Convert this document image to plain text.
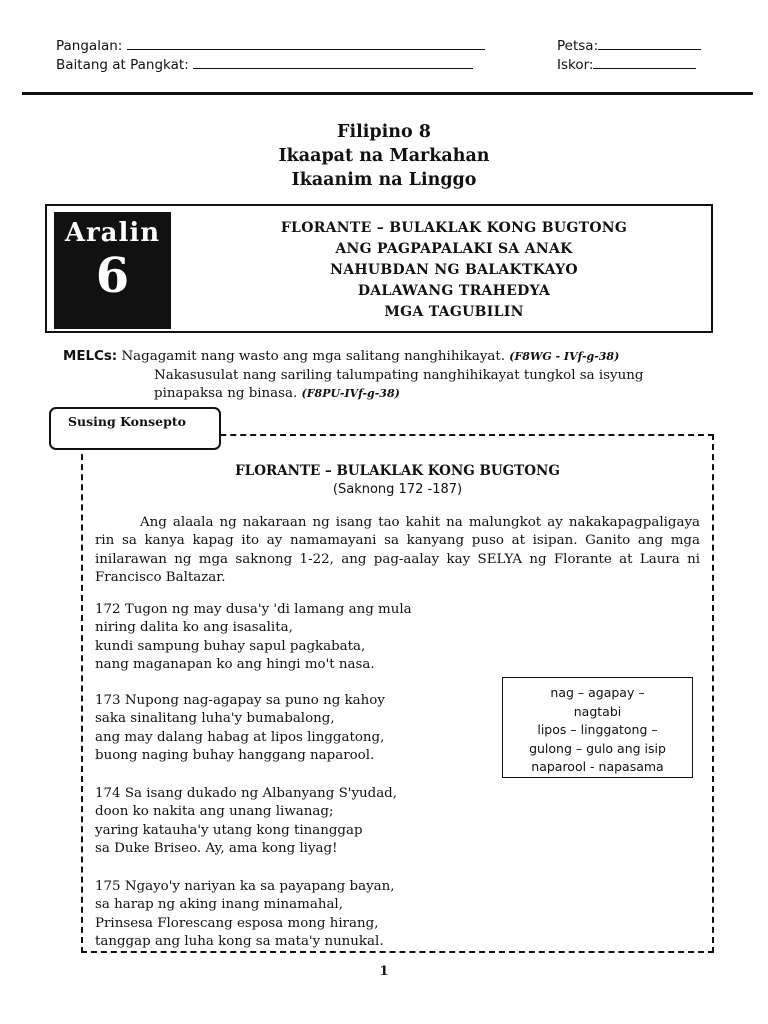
Pangalan:
Baitang at Pangkat:
Petsa:
Iskor:
Filipino 8
Ikaapat na Markahan
Ikaanim na Linggo
Aralin
6
FLORANTE – BULAKLAK KONG BUGTONG
ANG PAGPAPALAKI SA ANAK
NAHUBDAN NG BALAKTKAYO
DALAWANG TRAHEDYA
MGA TAGUBILIN
MELCs: Nagagamit nang wasto ang mga salitang nanghihikayat. (F8WG - IVf-g-38)
Nakasusulat nang sariling talumpating nanghihikayat tungkol sa isyung
pinapaksa ng binasa. (F8PU-IVf-g-38)
Susing Konsepto
FLORANTE – BULAKLAK KONG BUGTONG
(Saknong 172 -187)
Ang alaala ng nakaraan ng isang tao kahit na malungkot ay nakakapagpaligaya rin sa kanya kapag ito ay namamayani sa kanyang puso at isipan. Ganito ang mga inilarawan ng mga saknong 1-22, ang pag-aalay kay SELYA ng Florante at Laura ni Francisco Baltazar.
172 Tugon ng may dusa'y 'di lamang ang mula
niring dalita ko ang isasalita,
kundi sampung buhay sapul pagkabata,
nang maganapan ko ang hingi mo't nasa.
173 Nupong nag-agapay sa puno ng kahoy
saka sinalitang luha'y bumabalong,
ang may dalang habag at lipos linggatong,
buong naging buhay hanggang naparool.
174 Sa isang dukado ng Albanyang S'yudad,
doon ko nakita ang unang liwanag;
yaring katauha'y utang kong tinanggap
sa Duke Briseo. Ay, ama kong liyag!
175 Ngayo'y nariyan ka sa payapang bayan,
sa harap ng aking inang minamahal,
Prinsesa Florescang esposa mong hirang,
tanggap ang luha kong sa mata'y nunukal.
nag – agapay –
nagtabi
lipos – linggatong –
gulong – gulo ang isip
naparool - napasama
1
